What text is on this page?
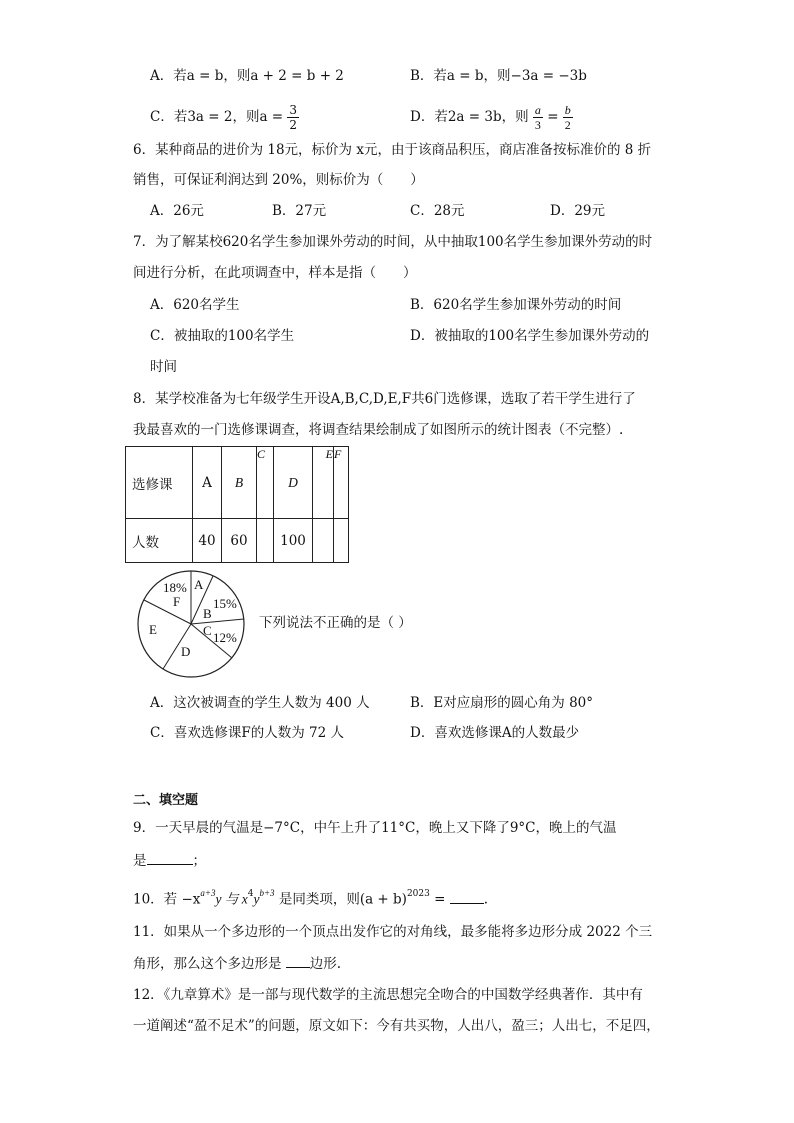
A．若a = b，则a + 2 = b + 2	B．若a = b，则−3a = −3b
C．若3a = 2，则$a = \frac{3}{2}$	D．若2a = 3b，则 $\frac{a}{3} = \frac{b}{2}$
6．某种商品的进价为 18元，标价为 x元，由于该商品积压，商店准备按标准价的 8 折
销售，可保证利润达到 20%，则标价为（　　）
A．26元	B．27元	C．28元	D．29元
7．为了解某校620名学生参加课外劳动的时间，从中抽取100名学生参加课外劳动的时
间进行分析，在此项调查中，样本是指（　　）
A．620名学生	B．620名学生参加课外劳动的时间
C．被抽取的100名学生	D．被抽取的100名学生参加课外劳动的
时间
8．某学校准备为七年级学生开设A,B,C,D,E,F共6门选修课，选取了若干学生进行了
我最喜欢的一门选修课调查，将调查结果绘制成了如图所示的统计图表（不完整）.
选修课	A	B	C	D	E	F
人数	40	60		100		
18%
F
A
15%
B
C 12%
E
D
下列说法不正确的是（ ）
A．这次被调查的学生人数为 400 人	B．E对应扇形的圆心角为 80°
C．喜欢选修课F的人数为 72 人	D．喜欢选修课A的人数最少
二、填空题
9．一天早晨的气温是−7°C，中午上升了11°C，晚上又下降了9°C，晚上的气温
是	；
10．若 $-x^{a+3}y$ 与 $x^4y^{b+3}$ 是同类项，则$(a + b)^{2023}$ =	.
11．如果从一个多边形的一个顶点出发作它的对角线，最多能将多边形分成 2022 个三
角形，那么这个多边形是 边形.
12．《九章算术》是一部与现代数学的主流思想完全吻合的中国数学经典著作．其中有
一道阐述“盈不足术”的问题，原文如下：今有共买物，人出八，盈三；人出七，不足四，
